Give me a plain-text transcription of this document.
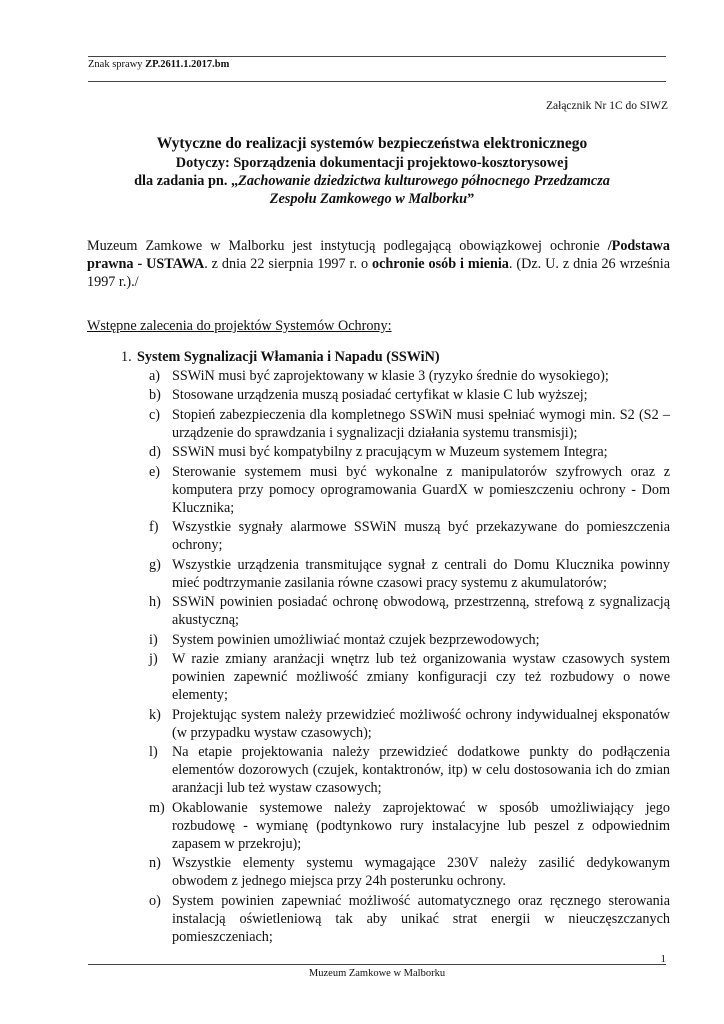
Znak sprawy ZP.2611.1.2017.bm
Załącznik Nr 1C do SIWZ
Wytyczne do realizacji systemów bezpieczeństwa elektronicznego
Dotyczy: Sporządzenia dokumentacji projektowo-kosztorysowej
dla zadania pn. „Zachowanie dziedzictwa kulturowego północnego Przedzamcza
Zespołu Zamkowego w Malborku”
Muzeum Zamkowe w Malborku jest instytucją podlegającą obowiązkowej ochronie /Podstawa prawna - USTAWA. z dnia 22 sierpnia 1997 r. o ochronie osób i mienia. (Dz. U. z dnia 26 września 1997 r.)./
Wstępne zalecenia do projektów Systemów Ochrony:
1. System Sygnalizacji Włamania i Napadu (SSWiN)
a) SSWiN musi być zaprojektowany w klasie 3 (ryzyko średnie do wysokiego);
b) Stosowane urządzenia muszą posiadać certyfikat w klasie C lub wyższej;
c) Stopień zabezpieczenia dla kompletnego SSWiN musi spełniać wymogi min. S2 (S2 – urządzenie do sprawdzania i sygnalizacji działania systemu transmisji);
d) SSWiN musi być kompatybilny z pracującym w Muzeum systemem Integra;
e) Sterowanie systemem musi być wykonalne z manipulatorów szyfrowych oraz z komputera przy pomocy oprogramowania GuardX w pomieszczeniu ochrony - Dom Klucznika;
f) Wszystkie sygnały alarmowe SSWiN muszą być przekazywane do pomieszczenia ochrony;
g) Wszystkie urządzenia transmitujące sygnał z centrali do Domu Klucznika powinny mieć podtrzymanie zasilania równe czasowi pracy systemu z akumulatorów;
h) SSWiN powinien posiadać ochronę obwodową, przestrzenną, strefową z sygnalizacją akustyczną;
i) System powinien umożliwiać montaż czujek bezprzewodowych;
j) W razie zmiany aranżacji wnętrz lub też organizowania wystaw czasowych system powinien zapewnić możliwość zmiany konfiguracji czy też rozbudowy o nowe elementy;
k) Projektując system należy przewidzieć możliwość ochrony indywidualnej eksponatów (w przypadku wystaw czasowych);
l) Na etapie projektowania należy przewidzieć dodatkowe punkty do podłączenia elementów dozorowych (czujek, kontaktronów, itp) w celu dostosowania ich do zmian aranżacji lub też wystaw czasowych;
m) Okablowanie systemowe należy zaprojektować w sposób umożliwiający jego rozbudowę - wymianę (podtynkowo rury instalacyjne lub peszel z odpowiednim zapasem w przekroju);
n) Wszystkie elementy systemu wymagające 230V należy zasilić dedykowanym obwodem z jednego miejsca przy 24h posterunku ochrony.
o) System powinien zapewniać możliwość automatycznego oraz ręcznego sterowania instalacją oświetleniową tak aby unikać strat energii w nieuczęszczanych pomieszczeniach;
1
Muzeum Zamkowe w Malborku
